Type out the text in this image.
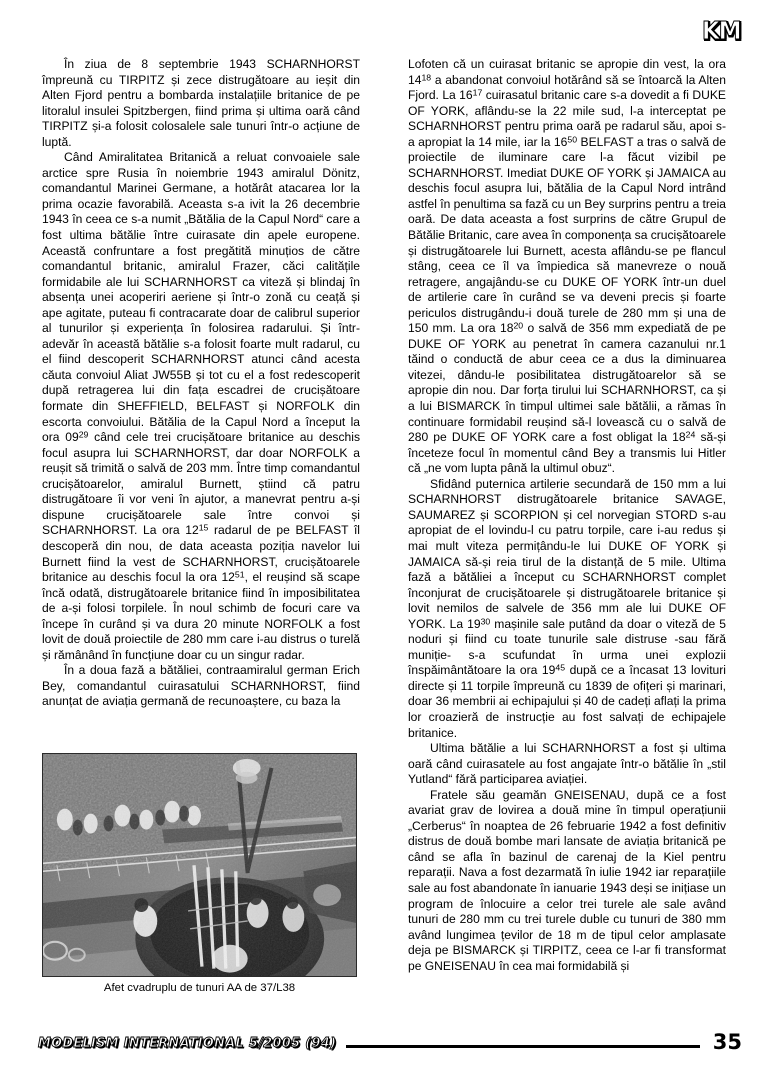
KM

În ziua de 8 septembrie 1943 SCHARNHORST împreună cu TIRPITZ și zece distrugătoare au ieșit din Alten Fjord pentru a bombarda instalațiile britanice de pe litoralul insulei Spitzbergen, fiind prima și ultima oară când TIRPITZ și-a folosit colosalele sale tunuri într-o acțiune de luptă.

Când Amiralitatea Britanică a reluat convoaiele sale arctice spre Rusia în noiembrie 1943 amiralul Dönitz, comandantul Marinei Germane, a hotărât atacarea lor la prima ocazie favorabilă. Aceasta s-a ivit la 26 decembrie 1943 în ceea ce s-a numit „Bătălia de la Capul Nord“ care a fost ultima bătălie între cuirasate din apele europene. Această confruntare a fost pregătită minuțios de către comandantul britanic, amiralul Frazer, căci calitățile formidabile ale lui SCHARNHORST ca viteză și blindaj în absența unei acoperiri aeriene și într-o zonă cu ceață și ape agitate, puteau fi contracarate doar de calibrul superior al tunurilor și experiența în folosirea radarului. Și într-adevăr în această bătălie s-a folosit foarte mult radarul, cu el fiind descoperit SCHARNHORST atunci când acesta căuta convoiul Aliat JW55B și tot cu el a fost redescoperit după retragerea lui din fața escadrei de crucișătoare formate din SHEFFIELD, BELFAST și NORFOLK din escorta convoiului. Bătălia de la Capul Nord a început la ora $09^{29}$ când cele trei crucișătoare britanice au deschis focul asupra lui SCHARNHORST, dar doar NORFOLK a reușit să trimită o salvă de 203 mm. Între timp comandantul crucișătoarelor, amiralul Burnett, știind că patru distrugătoare îi vor veni în ajutor, a manevrat pentru a-și dispune crucișătoarele sale între convoi și SCHARNHORST. La ora $12^{15}$ radarul de pe BELFAST îl descoperă din nou, de data aceasta poziția navelor lui Burnett fiind la vest de SCHARNHORST, crucișătoarele britanice au deschis focul la ora $12^{51}$, el reușind să scape încă odată, distrugătoarele britanice fiind în imposibilitatea de a-și folosi torpilele. În noul schimb de focuri care va începe în curând și va dura 20 minute NORFOLK a fost lovit de două proiectile de 280 mm care i-au distrus o turelă și rămânând în funcțiune doar cu un singur radar.

În a doua fază a bătăliei, contraamiralul german Erich Bey, comandantul cuirasatului SCHARNHORST, fiind anunțat de aviația germană de recunoaștere, cu baza la

Lofoten că un cuirasat britanic se apropie din vest, la ora $14^{18}$ a abandonat convoiul hotărând să se întoarcă la Alten Fjord. La $16^{17}$ cuirasatul britanic care s-a dovedit a fi DUKE OF YORK, aflându-se la 22 mile sud, l-a interceptat pe SCHARNHORST pentru prima oară pe radarul său, apoi s-a apropiat la 14 mile, iar la $16^{50}$ BELFAST a tras o salvă de proiectile de iluminare care l-a făcut vizibil pe SCHARNHORST. Imediat DUKE OF YORK și JAMAICA au deschis focul asupra lui, bătălia de la Capul Nord intrând astfel în penultima sa fază cu un Bey surprins pentru a treia oară. De data aceasta a fost surprins de către Grupul de Bătălie Britanic, care avea în componența sa crucișătoarele și distrugătoarele lui Burnett, acesta aflându-se pe flancul stâng, ceea ce îl va împiedica să manevreze o nouă retragere, angajându-se cu DUKE OF YORK într-un duel de artilerie care în curând se va deveni precis și foarte periculos distrugându-i două turele de 280 mm și una de 150 mm. La ora $18^{20}$ o salvă de 356 mm expediată de pe DUKE OF YORK au penetrat în camera cazanului nr.1 tăind o conductă de abur ceea ce a dus la diminuarea vitezei, dându-le posibilitatea distrugătoarelor să se apropie din nou. Dar forța tirului lui SCHARNHORST, ca și a lui BISMARCK în timpul ultimei sale bătălii, a rămas în continuare formidabil reușind să-l lovească cu o salvă de 280 pe DUKE OF YORK care a fost obligat la $18^{24}$ să-și înceteze focul în momentul când Bey a transmis lui Hitler că „ne vom lupta până la ultimul obuz“.

Sfidând puternica artilerie secundară de 150 mm a lui SCHARNHORST distrugătoarele britanice SAVAGE, SAUMAREZ și SCORPION și cel norvegian STORD s-au apropiat de el lovindu-l cu patru torpile, care i-au redus și mai mult viteza permițându-le lui DUKE OF YORK și JAMAICA să-și reia tirul de la distanță de 5 mile. Ultima fază a bătăliei a început cu SCHARNHORST complet înconjurat de crucișătoarele și distrugătoarele britanice și lovit nemilos de salvele de 356 mm ale lui DUKE OF YORK. La $19^{30}$ mașinile sale putând da doar o viteză de 5 noduri și fiind cu toate tunurile sale distruse -sau fără muniție- s-a scufundat în urma unei explozii înspăimântătoare la ora $19^{45}$ după ce a încasat 13 lovituri directe și 11 torpile împreună cu 1839 de ofițeri și marinari, doar 36 membrii ai echipajului și 40 de cadeți aflați la prima lor croazieră de instrucție au fost salvați de echipajele britanice.

Ultima bătălie a lui SCHARNHORST a fost și ultima oară când cuirasatele au fost angajate într-o bătălie în „stil Yutland“ fără participarea aviației.

Fratele său geamăn GNEISENAU, după ce a fost avariat grav de lovirea a două mine în timpul operațiunii „Cerberus“ în noaptea de 26 februarie 1942 a fost definitiv distrus de două bombe mari lansate de aviația britanică pe când se afla în bazinul de carenaj de la Kiel pentru reparații. Nava a fost dezarmată în iulie 1942 iar reparațiile sale au fost abandonate în ianuarie 1943 deși se inițiase un program de înlocuire a celor trei turele ale sale având tunuri de 280 mm cu trei turele duble cu tunuri de 380 mm având lungimea țevilor de 18 m de tipul celor amplasate deja pe BISMARCK și TIRPITZ, ceea ce l-ar fi transformat pe GNEISENAU în cea mai formidabilă și

Afet cvadruplu de tunuri AA de 37/L38
MODELISM INTERNATIONAL 5/2005 (94)	35
